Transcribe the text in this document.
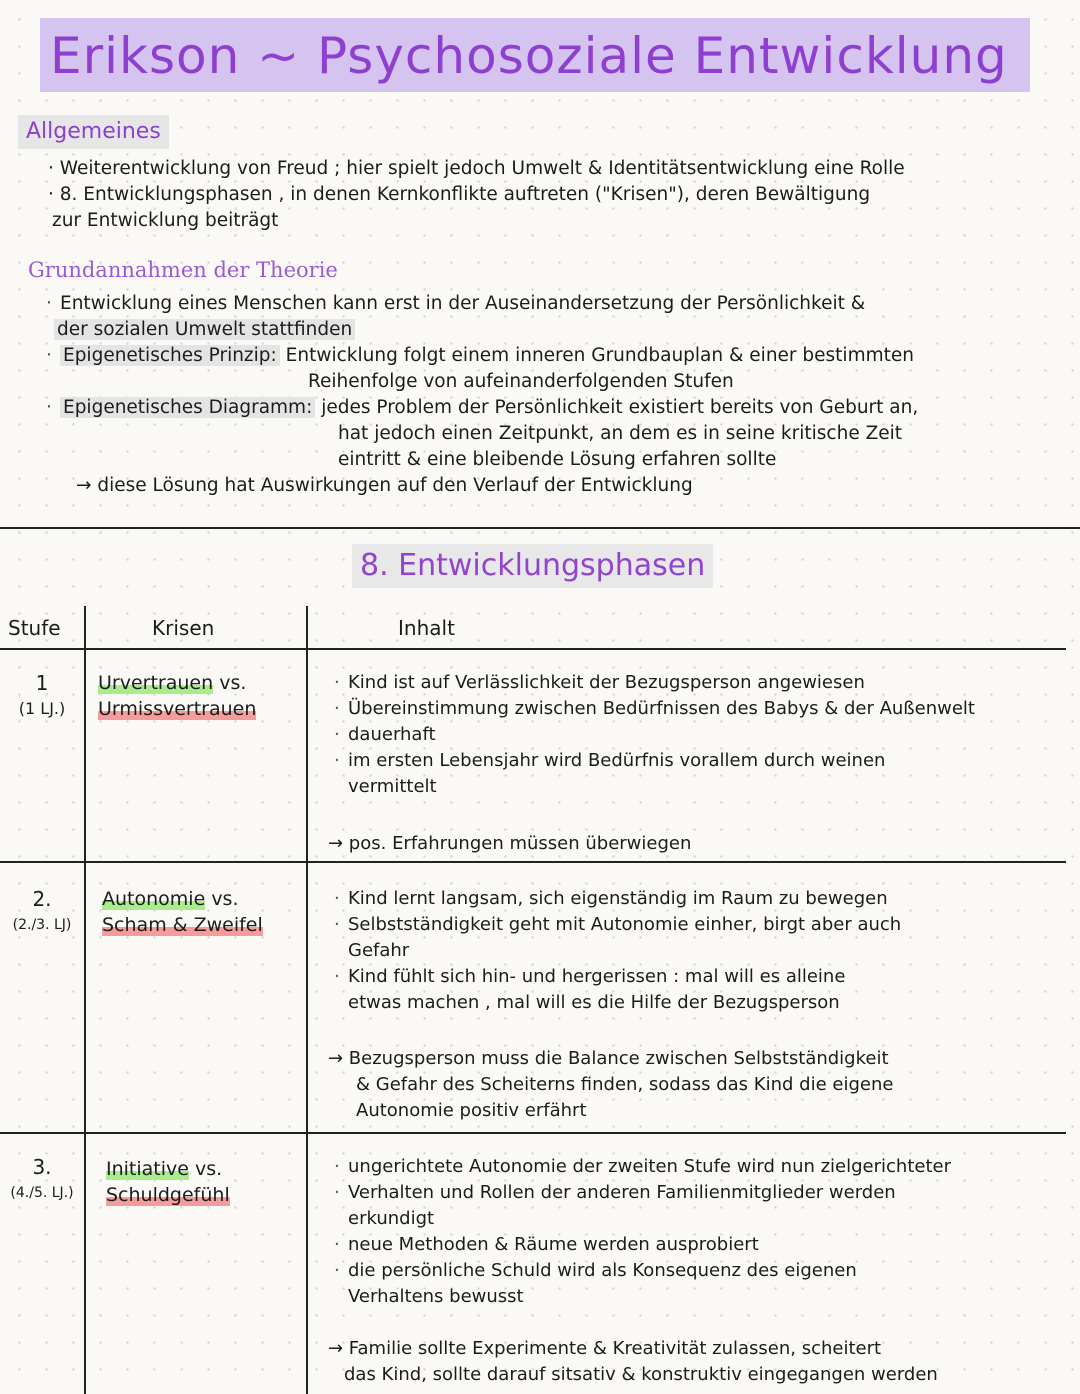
Erikson ~ Psychosoziale Entwicklung
Allgemeines
· Weiterentwicklung von Freud ; hier spielt jedoch Umwelt & Identitätsentwicklung eine Rolle
· 8. Entwicklungsphasen , in denen Kernkonflikte auftreten ("Krisen"), deren Bewältigung
zur Entwicklung beiträgt
Grundannahmen der Theorie
· Entwicklung eines Menschen kann erst in der Auseinandersetzung der Persönlichkeit &
der sozialen Umwelt stattfinden
· Epigenetisches Prinzip: Entwicklung folgt einem inneren Grundbauplan & einer bestimmten
Reihenfolge von aufeinanderfolgenden Stufen
· Epigenetisches Diagramm: jedes Problem der Persönlichkeit existiert bereits von Geburt an,
hat jedoch einen Zeitpunkt, an dem es in seine kritische Zeit
eintritt & eine bleibende Lösung erfahren sollte
→ diese Lösung hat Auswirkungen auf den Verlauf der Entwicklung
8. Entwicklungsphasen
Stufe	Krisen	Inhalt
1
(1 LJ.)
Urvertrauen vs.
Urmissvertrauen
· Kind ist auf Verlässlichkeit der Bezugsperson angewiesen
· Übereinstimmung zwischen Bedürfnissen des Babys & der Außenwelt
· dauerhaft
· im ersten Lebensjahr wird Bedürfnis vorallem durch weinen
vermittelt
→ pos. Erfahrungen müssen überwiegen
2.
(2./3. LJ)
Autonomie vs.
Scham & Zweifel
· Kind lernt langsam, sich eigenständig im Raum zu bewegen
· Selbstständigkeit geht mit Autonomie einher, birgt aber auch
Gefahr
· Kind fühlt sich hin- und hergerissen : mal will es alleine
etwas machen , mal will es die Hilfe der Bezugsperson
→ Bezugsperson muss die Balance zwischen Selbstständigkeit
& Gefahr des Scheiterns finden, sodass das Kind die eigene
Autonomie positiv erfährt
3.
(4./5. LJ.)
Initiative vs.
Schuldgefühl
· ungerichtete Autonomie der zweiten Stufe wird nun zielgerichteter
· Verhalten und Rollen der anderen Familienmitglieder werden
erkundigt
· neue Methoden & Räume werden ausprobiert
· die persönliche Schuld wird als Konsequenz des eigenen
Verhaltens bewusst
→ Familie sollte Experimente & Kreativität zulassen, scheitert
das Kind, sollte darauf sitsativ & konstruktiv eingegangen werden
